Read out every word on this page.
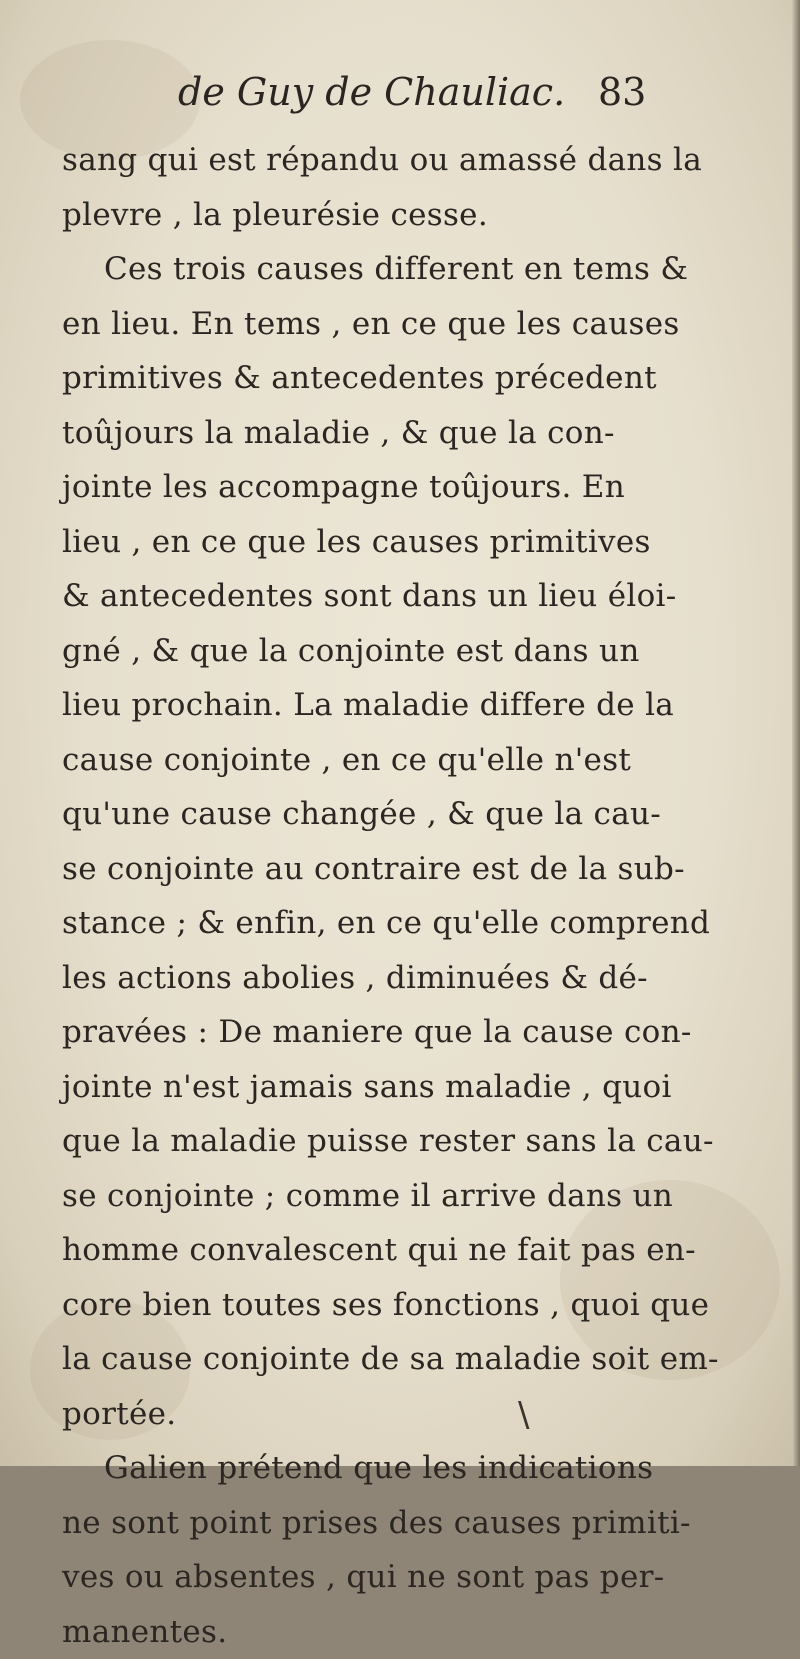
de Guy de Chauliac. 83
sang qui est répandu ou amassé dans la
plevre , la pleurésie cesse.
Ces trois causes different en tems &
en lieu. En tems , en ce que les causes
primitives & antecedentes précedent
toûjours la maladie , & que la con-
jointe les accompagne toûjours. En
lieu , en ce que les causes primitives
& antecedentes sont dans un lieu éloi-
gné , & que la conjointe est dans un
lieu prochain. La maladie differe de la
cause conjointe , en ce qu'elle n'est
qu'une cause changée , & que la cau-
se conjointe au contraire est de la sub-
stance ; & enfin, en ce qu'elle comprend
les actions abolies , diminuées & dé-
pravées : De maniere que la cause con-
jointe n'est jamais sans maladie , quoi
que la maladie puisse rester sans la cau-
se conjointe ; comme il arrive dans un
homme convalescent qui ne fait pas en-
core bien toutes ses fonctions , quoi que
la cause conjointe de sa maladie soit em-
portée.
Galien prétend que les indications
ne sont point prises des causes primiti-
ves ou absentes , qui ne sont pas per-
manentes.
\
